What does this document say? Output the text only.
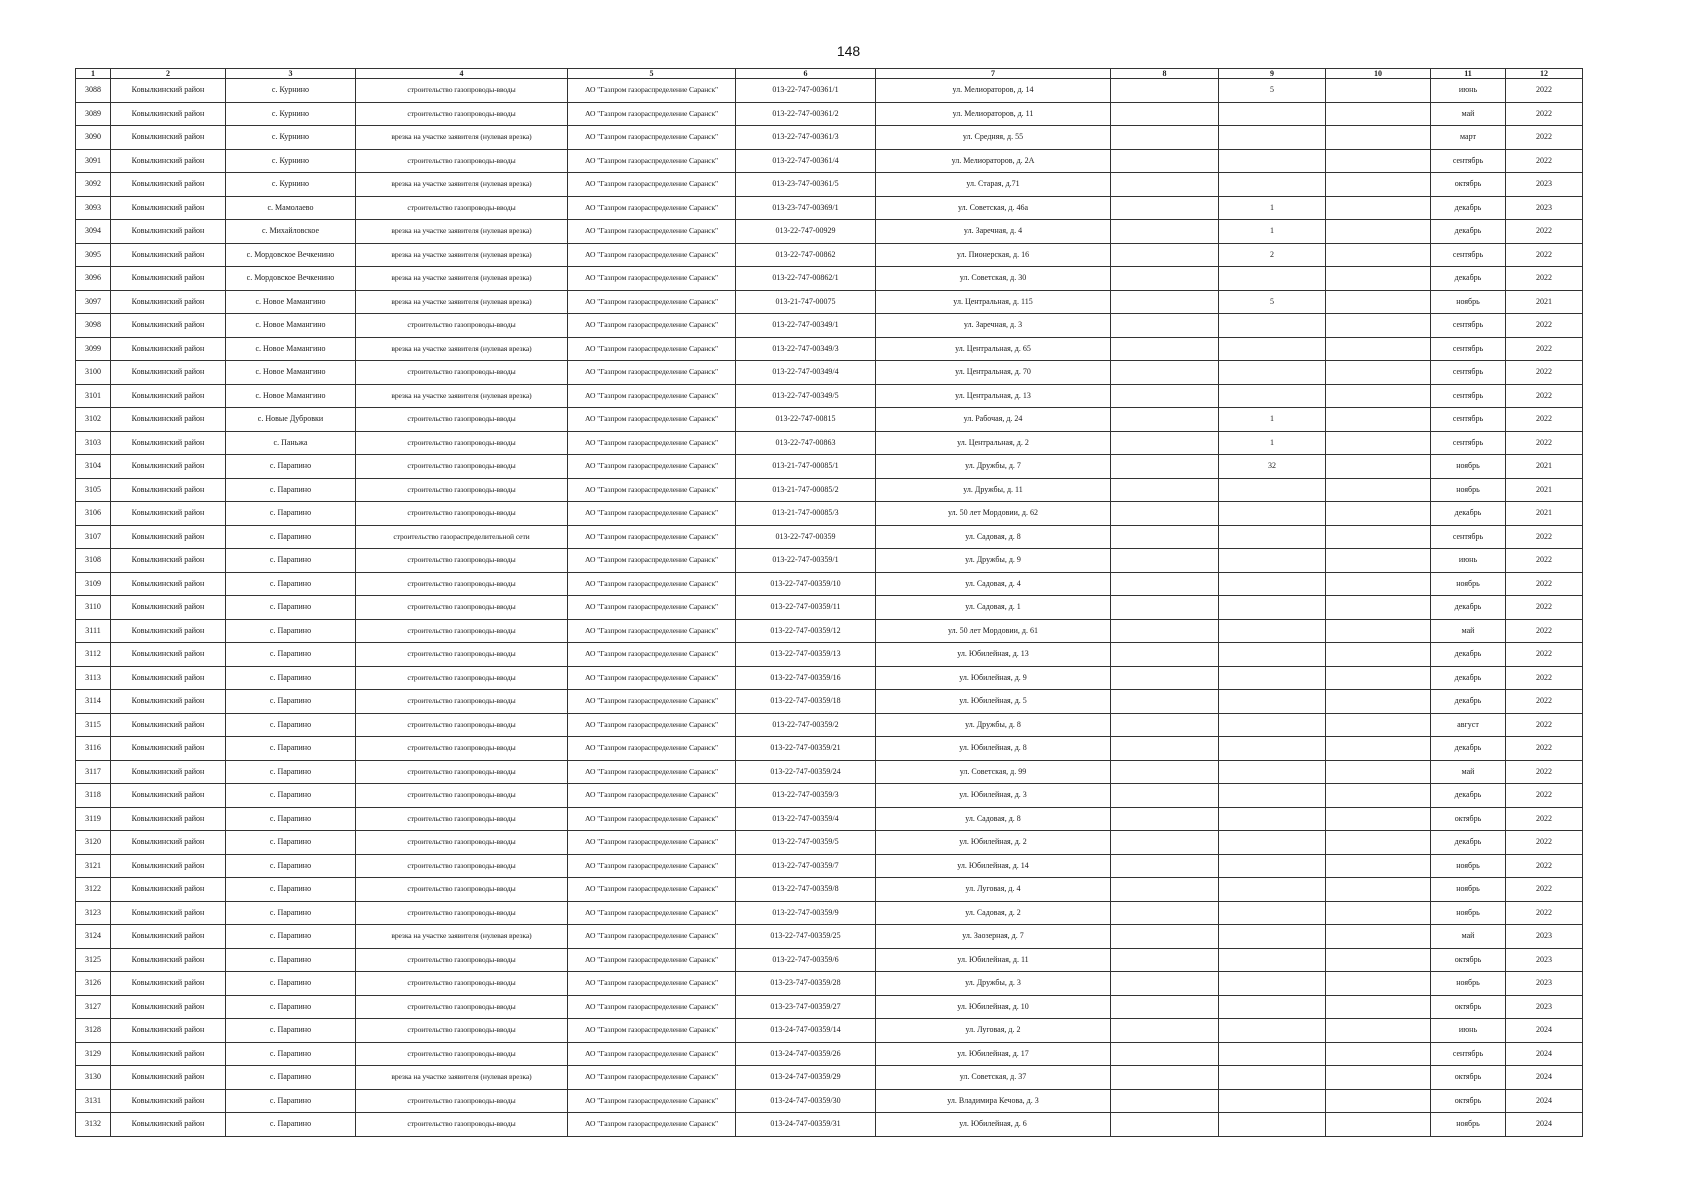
148
1	2	3	4	5	6	7	8	9	10	11	12
3088	Ковылкинский район	с. Курнино	строительство газопроводы-вводы	АО "Газпром газораспределение Саранск"	013-22-747-00361/1	ул. Мелиораторов, д. 14		5		июнь	2022
3089	Ковылкинский район	с. Курнино	строительство газопроводы-вводы	АО "Газпром газораспределение Саранск"	013-22-747-00361/2	ул. Мелиораторов, д. 11				май	2022
3090	Ковылкинский район	с. Курнино	врезка на участке заявителя (нулевая врезка)	АО "Газпром газораспределение Саранск"	013-22-747-00361/3	ул. Средняя, д. 55				март	2022
3091	Ковылкинский район	с. Курнино	строительство газопроводы-вводы	АО "Газпром газораспределение Саранск"	013-22-747-00361/4	ул. Мелиораторов, д. 2А				сентябрь	2022
3092	Ковылкинский район	с. Курнино	врезка на участке заявителя (нулевая врезка)	АО "Газпром газораспределение Саранск"	013-23-747-00361/5	ул. Старая, д.71				октябрь	2023
3093	Ковылкинский район	с. Мамолаево	строительство газопроводы-вводы	АО "Газпром газораспределение Саранск"	013-23-747-00369/1	ул. Советская, д. 46а		1		декабрь	2023
3094	Ковылкинский район	с. Михайловское	врезка на участке заявителя (нулевая врезка)	АО "Газпром газораспределение Саранск"	013-22-747-00929	ул. Заречная, д. 4		1		декабрь	2022
3095	Ковылкинский район	с. Мордовское Вечкенино	врезка на участке заявителя (нулевая врезка)	АО "Газпром газораспределение Саранск"	013-22-747-00862	ул. Пионерская, д. 16		2		сентябрь	2022
3096	Ковылкинский район	с. Мордовское Вечкенино	врезка на участке заявителя (нулевая врезка)	АО "Газпром газораспределение Саранск"	013-22-747-00862/1	ул. Советская, д. 30				декабрь	2022
3097	Ковылкинский район	с. Новое Мамангино	врезка на участке заявителя (нулевая врезка)	АО "Газпром газораспределение Саранск"	013-21-747-00075	ул. Центральная, д. 115		5		ноябрь	2021
3098	Ковылкинский район	с. Новое Мамангино	строительство газопроводы-вводы	АО "Газпром газораспределение Саранск"	013-22-747-00349/1	ул. Заречная, д. 3				сентябрь	2022
3099	Ковылкинский район	с. Новое Мамангино	врезка на участке заявителя (нулевая врезка)	АО "Газпром газораспределение Саранск"	013-22-747-00349/3	ул. Центральная, д. 65				сентябрь	2022
3100	Ковылкинский район	с. Новое Мамангино	строительство газопроводы-вводы	АО "Газпром газораспределение Саранск"	013-22-747-00349/4	ул. Центральная, д. 70				сентябрь	2022
3101	Ковылкинский район	с. Новое Мамангино	врезка на участке заявителя (нулевая врезка)	АО "Газпром газораспределение Саранск"	013-22-747-00349/5	ул. Центральная, д. 13				сентябрь	2022
3102	Ковылкинский район	с. Новые Дубровки	строительство газопроводы-вводы	АО "Газпром газораспределение Саранск"	013-22-747-00815	ул. Рабочая, д. 24		1		сентябрь	2022
3103	Ковылкинский район	с. Паньжа	строительство газопроводы-вводы	АО "Газпром газораспределение Саранск"	013-22-747-00863	ул. Центральная, д. 2		1		сентябрь	2022
3104	Ковылкинский район	с. Парапино	строительство газопроводы-вводы	АО "Газпром газораспределение Саранск"	013-21-747-00085/1	ул. Дружбы, д. 7		32		ноябрь	2021
3105	Ковылкинский район	с. Парапино	строительство газопроводы-вводы	АО "Газпром газораспределение Саранск"	013-21-747-00085/2	ул. Дружбы, д. 11				ноябрь	2021
3106	Ковылкинский район	с. Парапино	строительство газопроводы-вводы	АО "Газпром газораспределение Саранск"	013-21-747-00085/3	ул. 50 лет Мордовии, д. 62				декабрь	2021
3107	Ковылкинский район	с. Парапино	строительство газораспределительной сети	АО "Газпром газораспределение Саранск"	013-22-747-00359	ул. Садовая, д. 8				сентябрь	2022
3108	Ковылкинский район	с. Парапино	строительство газопроводы-вводы	АО "Газпром газораспределение Саранск"	013-22-747-00359/1	ул. Дружбы, д. 9				июнь	2022
3109	Ковылкинский район	с. Парапино	строительство газопроводы-вводы	АО "Газпром газораспределение Саранск"	013-22-747-00359/10	ул. Садовая, д. 4				ноябрь	2022
3110	Ковылкинский район	с. Парапино	строительство газопроводы-вводы	АО "Газпром газораспределение Саранск"	013-22-747-00359/11	ул. Садовая, д. 1				декабрь	2022
3111	Ковылкинский район	с. Парапино	строительство газопроводы-вводы	АО "Газпром газораспределение Саранск"	013-22-747-00359/12	ул. 50 лет Мордовии, д. 61				май	2022
3112	Ковылкинский район	с. Парапино	строительство газопроводы-вводы	АО "Газпром газораспределение Саранск"	013-22-747-00359/13	ул. Юбилейная, д. 13				декабрь	2022
3113	Ковылкинский район	с. Парапино	строительство газопроводы-вводы	АО "Газпром газораспределение Саранск"	013-22-747-00359/16	ул. Юбилейная, д. 9				декабрь	2022
3114	Ковылкинский район	с. Парапино	строительство газопроводы-вводы	АО "Газпром газораспределение Саранск"	013-22-747-00359/18	ул. Юбилейная, д. 5				декабрь	2022
3115	Ковылкинский район	с. Парапино	строительство газопроводы-вводы	АО "Газпром газораспределение Саранск"	013-22-747-00359/2	ул. Дружбы, д. 8				август	2022
3116	Ковылкинский район	с. Парапино	строительство газопроводы-вводы	АО "Газпром газораспределение Саранск"	013-22-747-00359/21	ул. Юбилейная, д. 8				декабрь	2022
3117	Ковылкинский район	с. Парапино	строительство газопроводы-вводы	АО "Газпром газораспределение Саранск"	013-22-747-00359/24	ул. Советская, д. 99				май	2022
3118	Ковылкинский район	с. Парапино	строительство газопроводы-вводы	АО "Газпром газораспределение Саранск"	013-22-747-00359/3	ул. Юбилейная, д. 3				декабрь	2022
3119	Ковылкинский район	с. Парапино	строительство газопроводы-вводы	АО "Газпром газораспределение Саранск"	013-22-747-00359/4	ул. Садовая, д. 8				октябрь	2022
3120	Ковылкинский район	с. Парапино	строительство газопроводы-вводы	АО "Газпром газораспределение Саранск"	013-22-747-00359/5	ул. Юбилейная, д. 2				декабрь	2022
3121	Ковылкинский район	с. Парапино	строительство газопроводы-вводы	АО "Газпром газораспределение Саранск"	013-22-747-00359/7	ул. Юбилейная, д. 14				ноябрь	2022
3122	Ковылкинский район	с. Парапино	строительство газопроводы-вводы	АО "Газпром газораспределение Саранск"	013-22-747-00359/8	ул. Луговая, д. 4				ноябрь	2022
3123	Ковылкинский район	с. Парапино	строительство газопроводы-вводы	АО "Газпром газораспределение Саранск"	013-22-747-00359/9	ул. Садовая, д. 2				ноябрь	2022
3124	Ковылкинский район	с. Парапино	врезка на участке заявителя (нулевая врезка)	АО "Газпром газораспределение Саранск"	013-22-747-00359/25	ул. Заозерная, д. 7				май	2023
3125	Ковылкинский район	с. Парапино	строительство газопроводы-вводы	АО "Газпром газораспределение Саранск"	013-22-747-00359/6	ул. Юбилейная, д. 11				октябрь	2023
3126	Ковылкинский район	с. Парапино	строительство газопроводы-вводы	АО "Газпром газораспределение Саранск"	013-23-747-00359/28	ул. Дружбы, д. 3				ноябрь	2023
3127	Ковылкинский район	с. Парапино	строительство газопроводы-вводы	АО "Газпром газораспределение Саранск"	013-23-747-00359/27	ул. Юбилейная, д. 10				октябрь	2023
3128	Ковылкинский район	с. Парапино	строительство газопроводы-вводы	АО "Газпром газораспределение Саранск"	013-24-747-00359/14	ул. Луговая, д. 2				июнь	2024
3129	Ковылкинский район	с. Парапино	строительство газопроводы-вводы	АО "Газпром газораспределение Саранск"	013-24-747-00359/26	ул. Юбилейная, д. 17				сентябрь	2024
3130	Ковылкинский район	с. Парапино	врезка на участке заявителя (нулевая врезка)	АО "Газпром газораспределение Саранск"	013-24-747-00359/29	ул. Советская, д. 37				октябрь	2024
3131	Ковылкинский район	с. Парапино	строительство газопроводы-вводы	АО "Газпром газораспределение Саранск"	013-24-747-00359/30	ул. Владимира Кечова, д. 3				октябрь	2024
3132	Ковылкинский район	с. Парапино	строительство газопроводы-вводы	АО "Газпром газораспределение Саранск"	013-24-747-00359/31	ул. Юбилейная, д. 6				ноябрь	2024
